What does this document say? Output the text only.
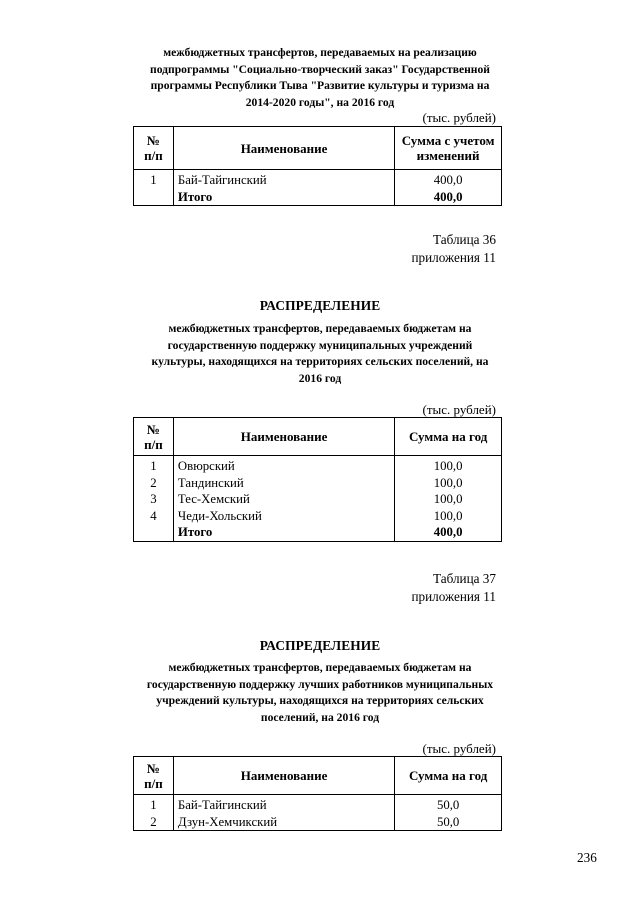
межбюджетных трансфертов, передаваемых на реализацию
подпрограммы "Социально-творческий заказ" Государственной
программы Республики Тыва "Развитие культуры и туризма на
2014-2020 годы", на 2016 год
(тыс. рублей)
№
п/п	Наименование	Сумма с учетом
изменений
1	Бай-Тайгинский	400,0
	Итого	400,0
Таблица 36
приложения 11
РАСПРЕДЕЛЕНИЕ
межбюджетных трансфертов, передаваемых бюджетам на
государственную поддержку муниципальных учреждений
культуры, находящихся на территориях сельских поселений, на
2016 год
(тыс. рублей)
№
п/п	Наименование	Сумма на год
1	Овюрский	100,0
2	Тандинский	100,0
3	Тес-Хемский	100,0
4	Чеди-Хольский	100,0
	Итого	400,0
Таблица 37
приложения 11
РАСПРЕДЕЛЕНИЕ
межбюджетных трансфертов, передаваемых бюджетам на
государственную поддержку лучших работников муниципальных
учреждений культуры, находящихся на территориях сельских
поселений, на 2016 год
(тыс. рублей)
№
п/п	Наименование	Сумма на год
1	Бай-Тайгинский	50,0
2	Дзун-Хемчикский	50,0
236
